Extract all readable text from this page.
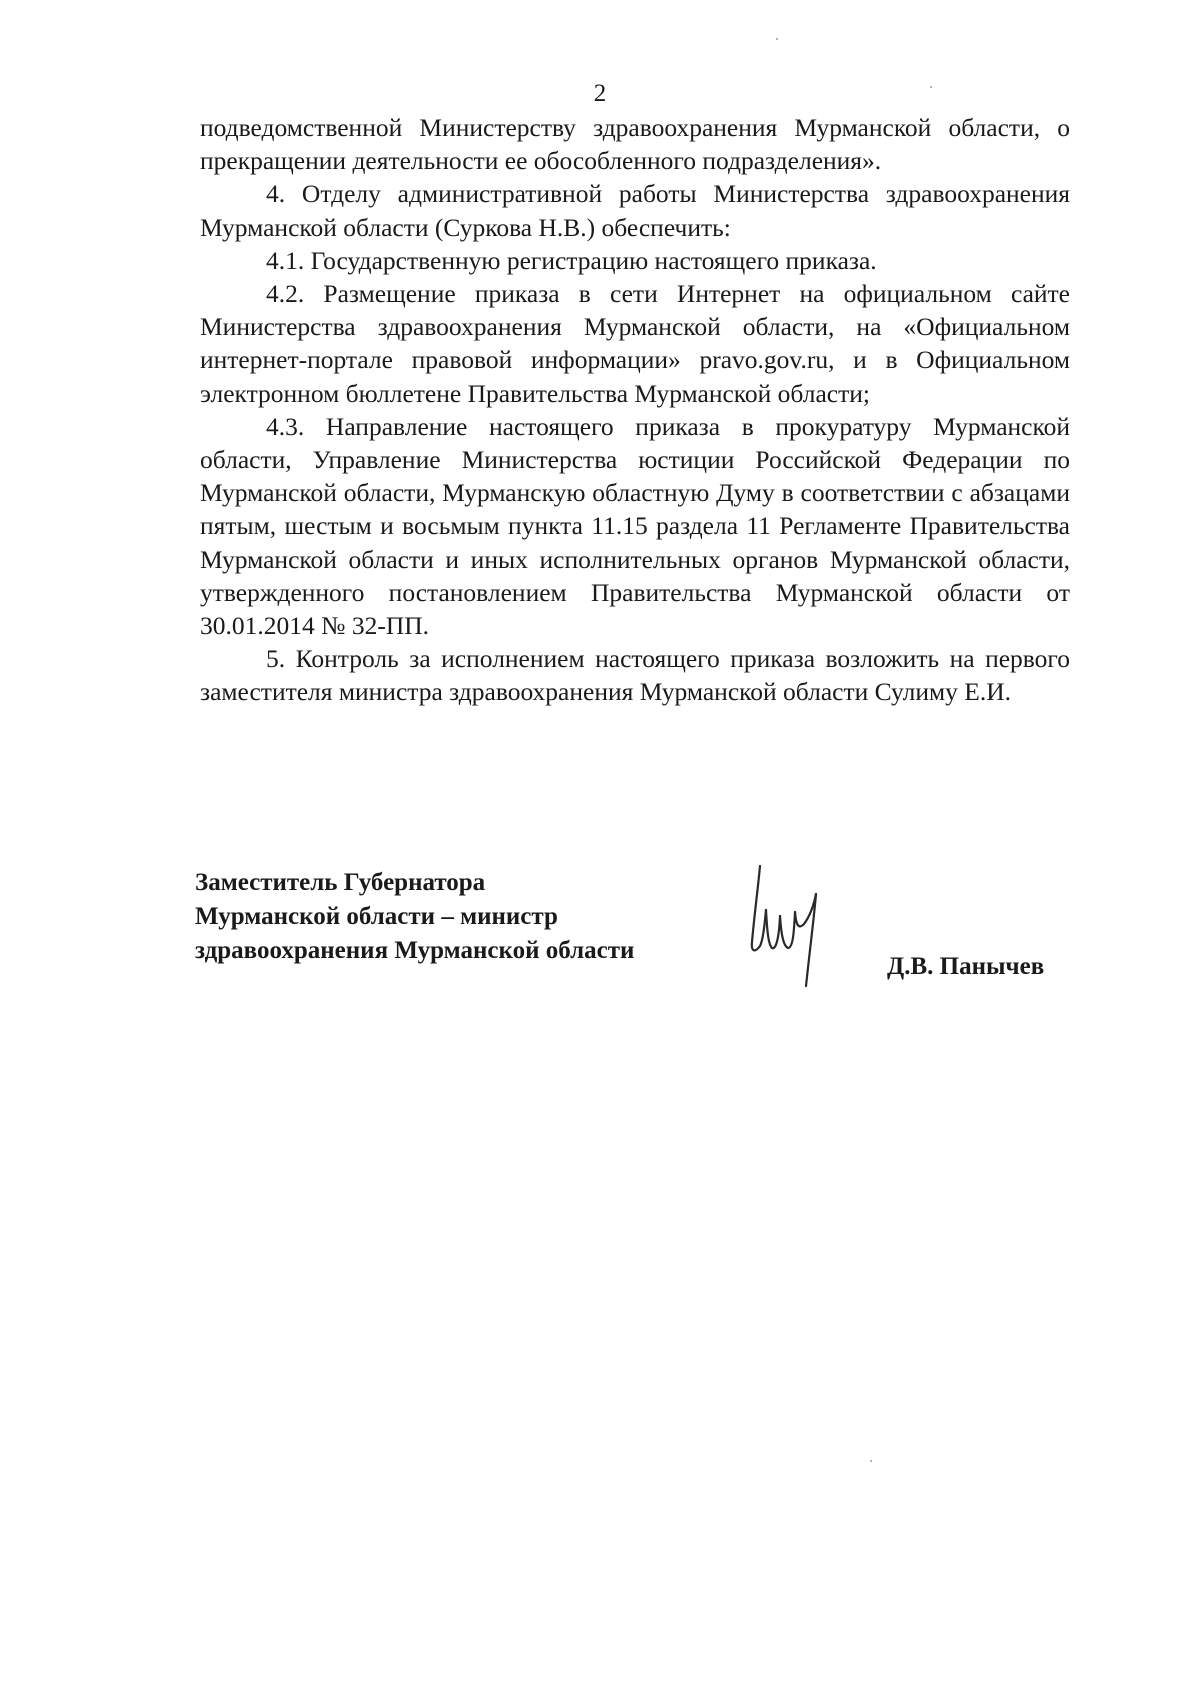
2

подведомственной Министерству здравоохранения Мурманской области, о прекращении деятельности ее обособленного подразделения».

4. Отделу административной работы Министерства здравоохранения Мурманской области (Суркова Н.В.) обеспечить:

4.1. Государственную регистрацию настоящего приказа.

4.2. Размещение приказа в сети Интернет на официальном сайте Министерства здравоохранения Мурманской области, на «Официальном интернет-портале правовой информации» pravo.gov.ru, и в Официальном электронном бюллетене Правительства Мурманской области;

4.3. Направление настоящего приказа в прокуратуру Мурманской области, Управление Министерства юстиции Российской Федерации по Мурманской области, Мурманскую областную Думу в соответствии с абзацами пятым, шестым и восьмым пункта 11.15 раздела 11 Регламенте Правительства Мурманской области и иных исполнительных органов Мурманской области, утвержденного постановлением Правительства Мурманской области от 30.01.2014 № 32-ПП.

5. Контроль за исполнением настоящего приказа возложить на первого заместителя министра здравоохранения Мурманской области Сулиму Е.И.

Заместитель Губернатора
Мурманской области – министр
здравоохранения Мурманской области
Д.В. Панычев
